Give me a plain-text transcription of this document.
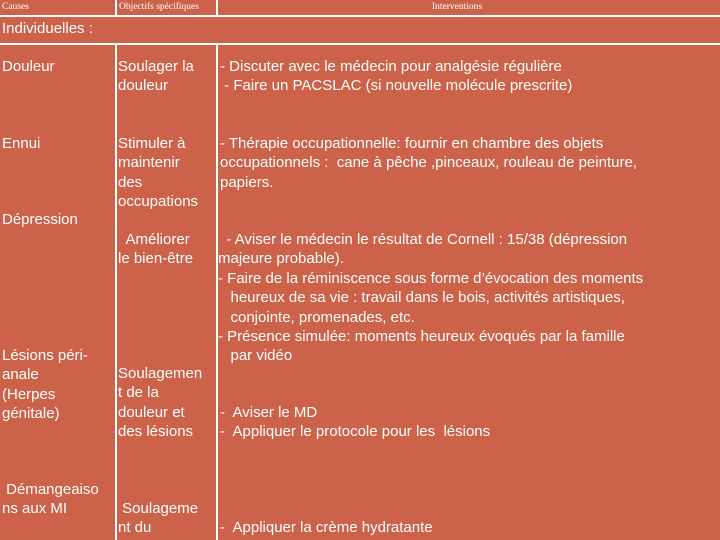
Causes	Objectifs spécifiques	Interventions
Individuelles :
Douleur
Ennui
Dépression
Lésions péri-
anale
(Herpes
génitale)
Démangeaiso
ns aux MI
Soulager la
douleur
Stimuler à
maintenir
des
occupations
Améliorer
le bien-être
Soulagemen
t de la
douleur et
des lésions
Soulageme
nt du
- Discuter avec le médecin pour analgésie régulière
- Faire un PACSLAC (si nouvelle molécule prescrite)
- Thérapie occupationnelle: fournir en chambre des objets
occupationnels :  cane à pêche ,pinceaux, rouleau de peinture,
papiers.
- Aviser le médecin le résultat de Cornell : 15/38 (dépression
majeure probable).
- Faire de la réminiscence sous forme d’évocation des moments
heureux de sa vie : travail dans le bois, activités artistiques,
conjointe, promenades, etc.
- Présence simulée: moments heureux évoqués par la famille
par vidéo
-  Aviser le MD
-  Appliquer le protocole pour les  lésions
-  Appliquer la crème hydratante
